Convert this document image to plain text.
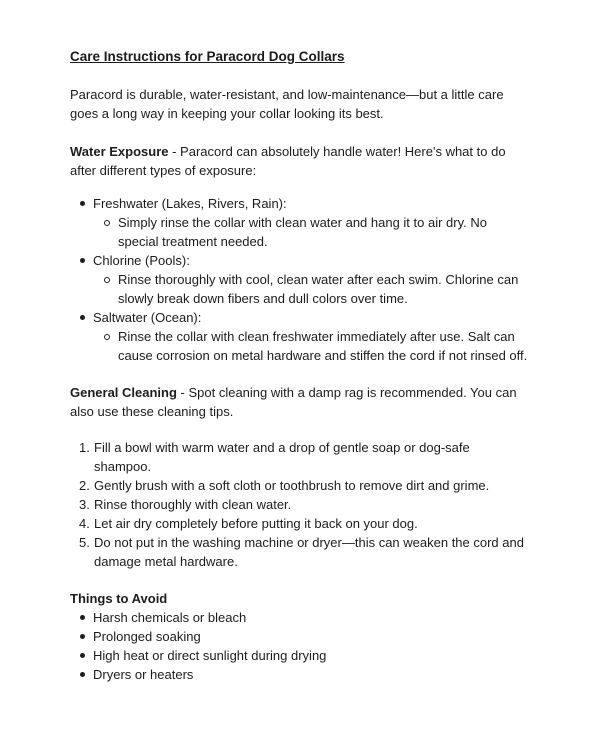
Care Instructions for Paracord Dog Collars

Paracord is durable, water-resistant, and low-maintenance—but a little care goes a long way in keeping your collar looking its best.

Water Exposure - Paracord can absolutely handle water! Here's what to do after different types of exposure:

Freshwater (Lakes, Rivers, Rain):
Simply rinse the collar with clean water and hang it to air dry. No special treatment needed.
Chlorine (Pools):
Rinse thoroughly with cool, clean water after each swim. Chlorine can slowly break down fibers and dull colors over time.
Saltwater (Ocean):
Rinse the collar with clean freshwater immediately after use. Salt can cause corrosion on metal hardware and stiffen the cord if not rinsed off.

General Cleaning - Spot cleaning with a damp rag is recommended. You can also use these cleaning tips.

Fill a bowl with warm water and a drop of gentle soap or dog-safe shampoo.
Gently brush with a soft cloth or toothbrush to remove dirt and grime.
Rinse thoroughly with clean water.
Let air dry completely before putting it back on your dog.
Do not put in the washing machine or dryer—this can weaken the cord and damage metal hardware.
Things to Avoid
Harsh chemicals or bleach
Prolonged soaking
High heat or direct sunlight during drying
Dryers or heaters
